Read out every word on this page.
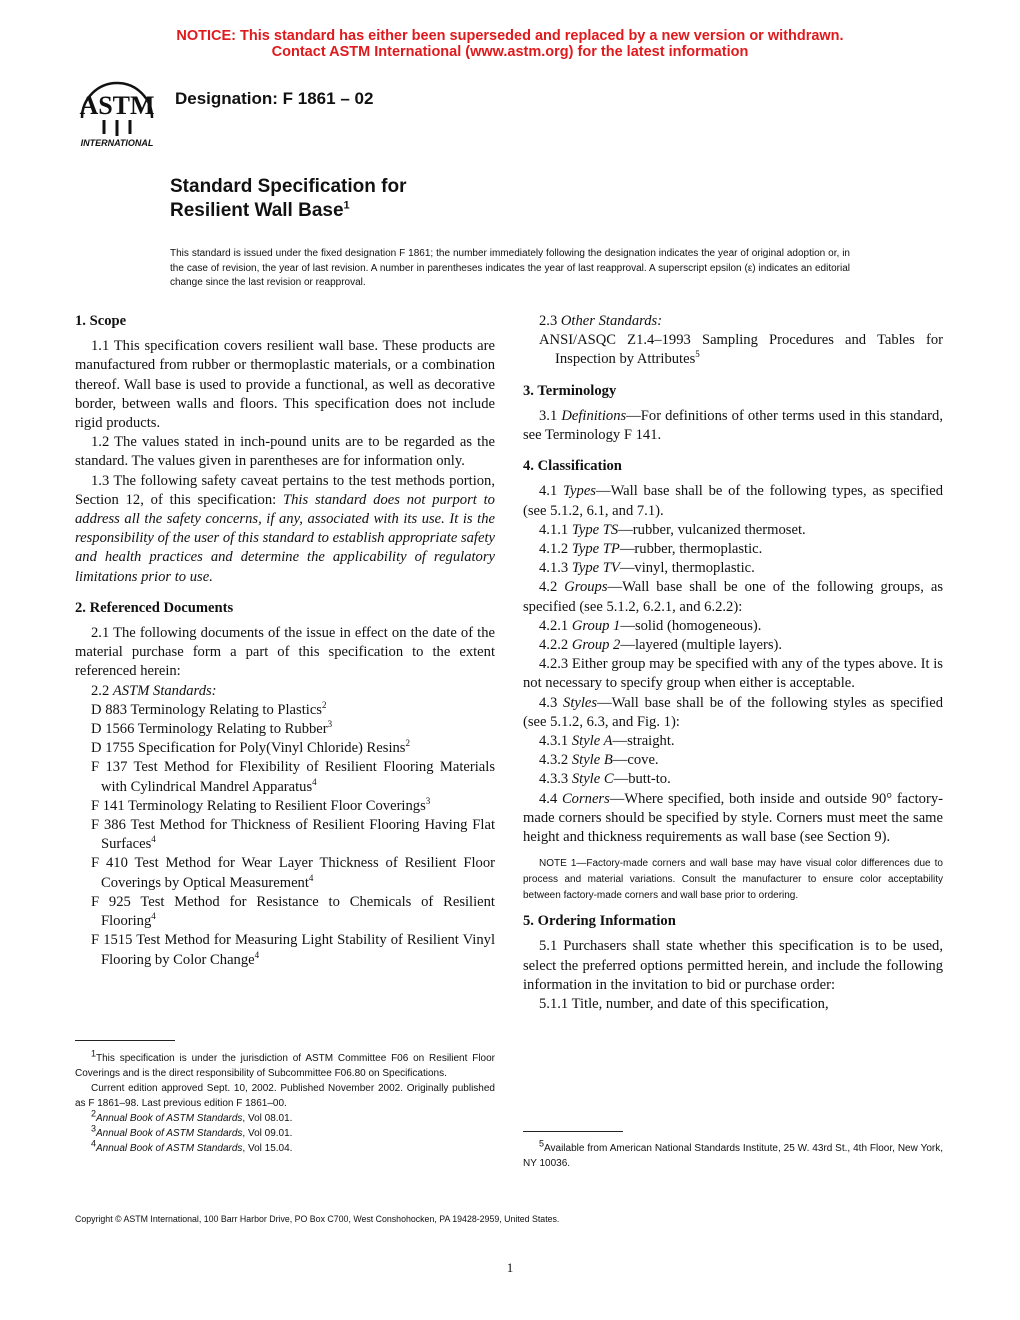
NOTICE: This standard has either been superseded and replaced by a new version or withdrawn.
Contact ASTM International (www.astm.org) for the latest information
ASTM
INTERNATIONAL
Designation: F 1861 – 02
Standard Specification for
Resilient Wall Base$^1$
This standard is issued under the fixed designation F 1861; the number immediately following the designation indicates the year of original adoption or, in the case of revision, the year of last revision. A number in parentheses indicates the year of last reapproval. A superscript epsilon (ε) indicates an editorial change since the last revision or reapproval.
1. Scope

1.1 This specification covers resilient wall base. These products are manufactured from rubber or thermoplastic materials, or a combination thereof. Wall base is used to provide a functional, as well as decorative border, between walls and floors. This specification does not include rigid products.

1.2 The values stated in inch-pound units are to be regarded as the standard. The values given in parentheses are for information only.

1.3 The following safety caveat pertains to the test methods portion, Section 12, of this specification: This standard does not purport to address all the safety concerns, if any, associated with its use. It is the responsibility of the user of this standard to establish appropriate safety and health practices and determine the applicability of regulatory limitations prior to use.

2. Referenced Documents

2.1 The following documents of the issue in effect on the date of the material purchase form a part of this specification to the extent referenced herein:

2.2 ASTM Standards:

D 883 Terminology Relating to Plastics$^2$

D 1566 Terminology Relating to Rubber$^3$

D 1755 Specification for Poly(Vinyl Chloride) Resins$^2$

F 137 Test Method for Flexibility of Resilient Flooring Materials with Cylindrical Mandrel Apparatus$^4$

F 141 Terminology Relating to Resilient Floor Coverings$^3$

F 386 Test Method for Thickness of Resilient Flooring Having Flat Surfaces$^4$

F 410 Test Method for Wear Layer Thickness of Resilient Floor Coverings by Optical Measurement$^4$

F 925 Test Method for Resistance to Chemicals of Resilient Flooring$^4$

F 1515 Test Method for Measuring Light Stability of Resilient Vinyl Flooring by Color Change$^4$

$^1$This specification is under the jurisdiction of ASTM Committee F06 on Resilient Floor Coverings and is the direct responsibility of Subcommittee F06.80 on Specifications.

Current edition approved Sept. 10, 2002. Published November 2002. Originally published as F 1861–98. Last previous edition F 1861–00.

$^2$Annual Book of ASTM Standards, Vol 08.01.

$^3$Annual Book of ASTM Standards, Vol 09.01.

$^4$Annual Book of ASTM Standards, Vol 15.04.

2.3 Other Standards:

ANSI/ASQC Z1.4–1993 Sampling Procedures and Tables for Inspection by Attributes$^5$

3. Terminology

3.1 Definitions—For definitions of other terms used in this standard, see Terminology F 141.

4. Classification

4.1 Types—Wall base shall be of the following types, as specified (see 5.1.2, 6.1, and 7.1).

4.1.1 Type TS—rubber, vulcanized thermoset.

4.1.2 Type TP—rubber, thermoplastic.

4.1.3 Type TV—vinyl, thermoplastic.

4.2 Groups—Wall base shall be one of the following groups, as specified (see 5.1.2, 6.2.1, and 6.2.2):

4.2.1 Group 1—solid (homogeneous).

4.2.2 Group 2—layered (multiple layers).

4.2.3 Either group may be specified with any of the types above. It is not necessary to specify group when either is acceptable.

4.3 Styles—Wall base shall be of the following styles as specified (see 5.1.2, 6.3, and Fig. 1):

4.3.1 Style A—straight.

4.3.2 Style B—cove.

4.3.3 Style C—butt-to.

4.4 Corners—Where specified, both inside and outside 90° factory-made corners should be specified by style. Corners must meet the same height and thickness requirements as wall base (see Section 9).

NOTE 1—Factory-made corners and wall base may have visual color differences due to process and material variations. Consult the manufacturer to ensure color acceptability between factory-made corners and wall base prior to ordering.

5. Ordering Information

5.1 Purchasers shall state whether this specification is to be used, select the preferred options permitted herein, and include the following information in the invitation to bid or purchase order:

5.1.1 Title, number, and date of this specification,

$^5$Available from American National Standards Institute, 25 W. 43rd St., 4th Floor, New York, NY 10036.

Copyright © ASTM International, 100 Barr Harbor Drive, PO Box C700, West Conshohocken, PA 19428-2959, United States.
1
